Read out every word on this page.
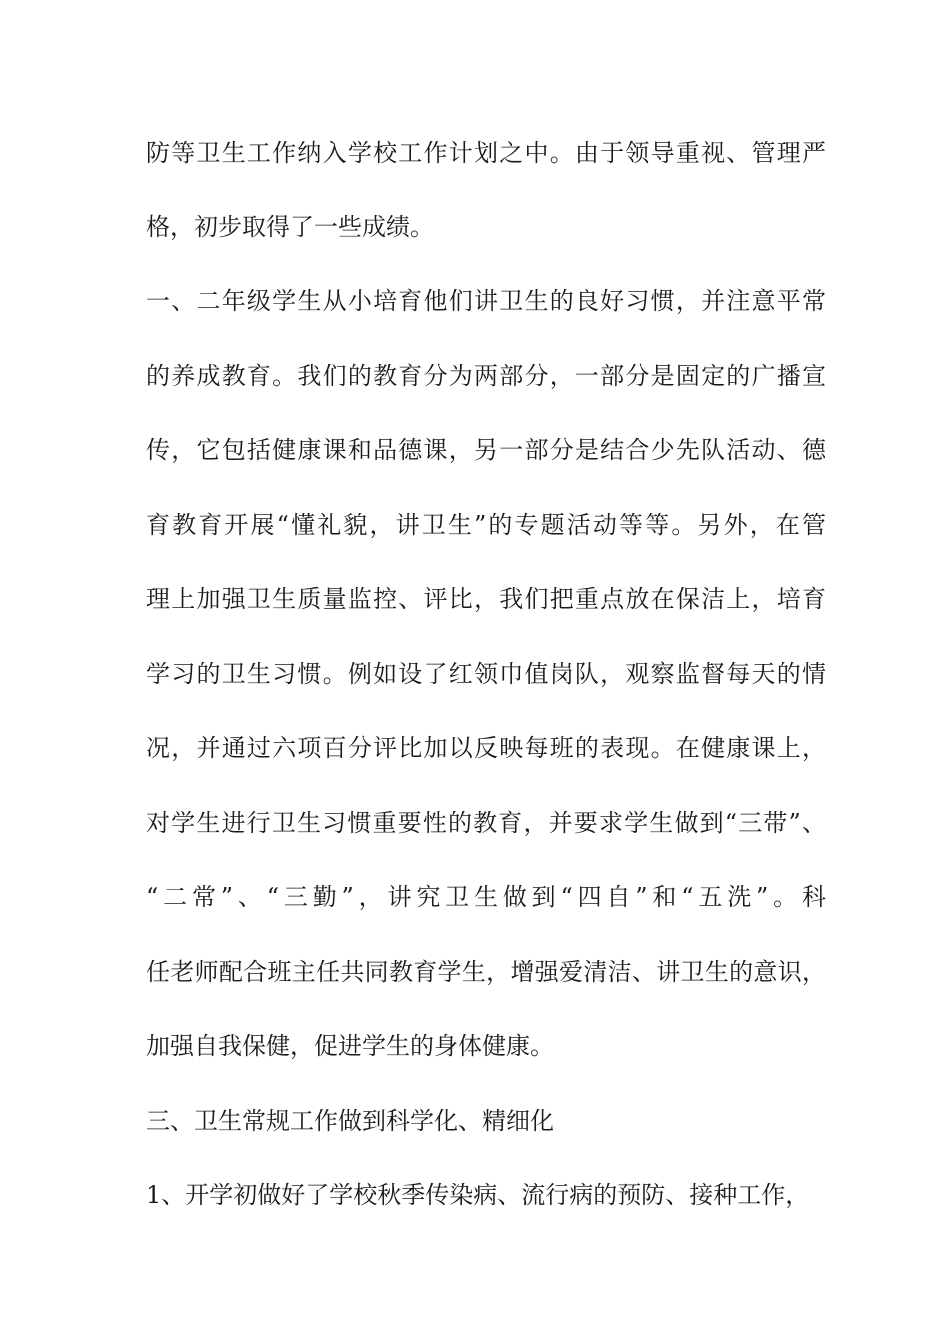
防等卫生工作纳入学校工作计划之中。由于领导重视、管理严
格，初步取得了一些成绩。
一、二年级学生从小培育他们讲卫生的良好习惯，并注意平常
的养成教育。我们的教育分为两部分，一部分是固定的广播宣
传，它包括健康课和品德课，另一部分是结合少先队活动、德
育教育开展“懂礼貌，讲卫生”的专题活动等等。另外，在管
理上加强卫生质量监控、评比，我们把重点放在保洁上，培育
学习的卫生习惯。例如设了红领巾值岗队，观察监督每天的情
况，并通过六项百分评比加以反映每班的表现。在健康课上，
对学生进行卫生习惯重要性的教育，并要求学生做到“三带”、
“二常”、“三勤”，讲究卫生做到“四自”和“五洗”。科
任老师配合班主任共同教育学生，增强爱清洁、讲卫生的意识，
加强自我保健，促进学生的身体健康。
三、卫生常规工作做到科学化、精细化
1、开学初做好了学校秋季传染病、流行病的预防、接种工作，
